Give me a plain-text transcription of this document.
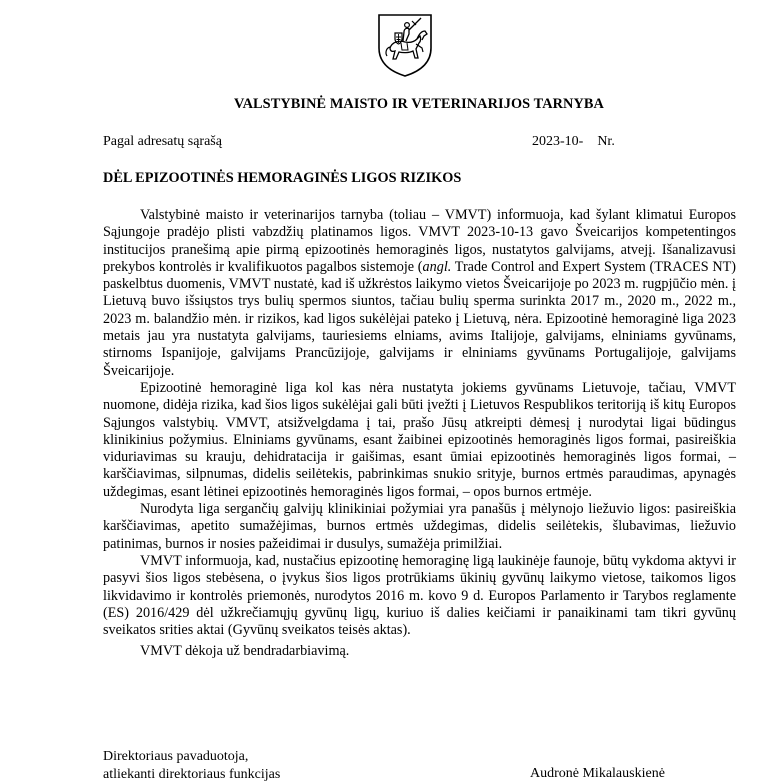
VALSTYBINĖ MAISTO IR VETERINARIJOS TARNYBA
Pagal adresatų sąrašą	2023-10-    Nr.
DĖL EPIZOOTINĖS HEMORAGINĖS LIGOS RIZIKOS

Valstybinė maisto ir veterinarijos tarnyba (toliau – VMVT) informuoja, kad šylant klimatui Europos Sąjungoje pradėjo plisti vabzdžių platinamos ligos. VMVT 2023-10-13 gavo Šveicarijos kompetentingos institucijos pranešimą apie pirmą epizootinės hemoraginės ligos, nustatytos galvijams, atvejį. Išanalizavusi prekybos kontrolės ir kvalifikuotos pagalbos sistemoje (angl. Trade Control and Expert System (TRACES NT) paskelbtus duomenis, VMVT nustatė, kad iš užkrėstos laikymo vietos Šveicarijoje po 2023 m. rugpjūčio mėn. į Lietuvą buvo išsiųstos trys bulių spermos siuntos, tačiau bulių sperma surinkta 2017 m., 2020 m., 2022 m., 2023 m. balandžio mėn. ir rizikos, kad ligos sukėlėjai pateko į Lietuvą, nėra. Epizootinė hemoraginė liga 2023 metais jau yra nustatyta galvijams, tauriesiems elniams, avims Italijoje, galvijams, elniniams gyvūnams, stirnoms Ispanijoje, galvijams Prancūzijoje, galvijams ir elniniams gyvūnams Portugalijoje, galvijams Šveicarijoje.

Epizootinė hemoraginė liga kol kas nėra nustatyta jokiems gyvūnams Lietuvoje, tačiau, VMVT nuomone, didėja rizika, kad šios ligos sukėlėjai gali būti įvežti į Lietuvos Respublikos teritoriją iš kitų Europos Sąjungos valstybių. VMVT, atsižvelgdama į tai, prašo Jūsų atkreipti dėmesį į nurodytai ligai būdingus klinikinius požymius. Elniniams gyvūnams, esant žaibinei epizootinės hemoraginės ligos formai, pasireiškia viduriavimas su krauju, dehidratacija ir gaišimas, esant ūmiai epizootinės hemoraginės ligos formai, – karščiavimas, silpnumas, didelis seilėtekis, pabrinkimas snukio srityje, burnos ertmės paraudimas, apynagės uždegimas, esant lėtinei epizootinės hemoraginės ligos formai, – opos burnos ertmėje.

Nurodyta liga sergančių galvijų klinikiniai požymiai yra panašūs į mėlynojo liežuvio ligos: pasireiškia karščiavimas, apetito sumažėjimas, burnos ertmės uždegimas, didelis seilėtekis, šlubavimas, liežuvio patinimas, burnos ir nosies pažeidimai ir dusulys, sumažėja primilžiai.

VMVT informuoja, kad, nustačius epizootinę hemoraginę ligą laukinėje faunoje, būtų vykdoma aktyvi ir pasyvi šios ligos stebėsena, o įvykus šios ligos protrūkiams ūkinių gyvūnų laikymo vietose, taikomos ligos likvidavimo ir kontrolės priemonės, nurodytos 2016 m. kovo 9 d. Europos Parlamento ir Tarybos reglamente (ES) 2016/429 dėl užkrečiamųjų gyvūnų ligų, kuriuo iš dalies keičiami ir panaikinami tam tikri gyvūnų sveikatos srities aktai (Gyvūnų sveikatos teisės aktas).

VMVT dėkoja už bendradarbiavimą.

Direktoriaus pavaduotoja,
atliekanti direktoriaus funkcijas	Audronė Mikalauskienė
